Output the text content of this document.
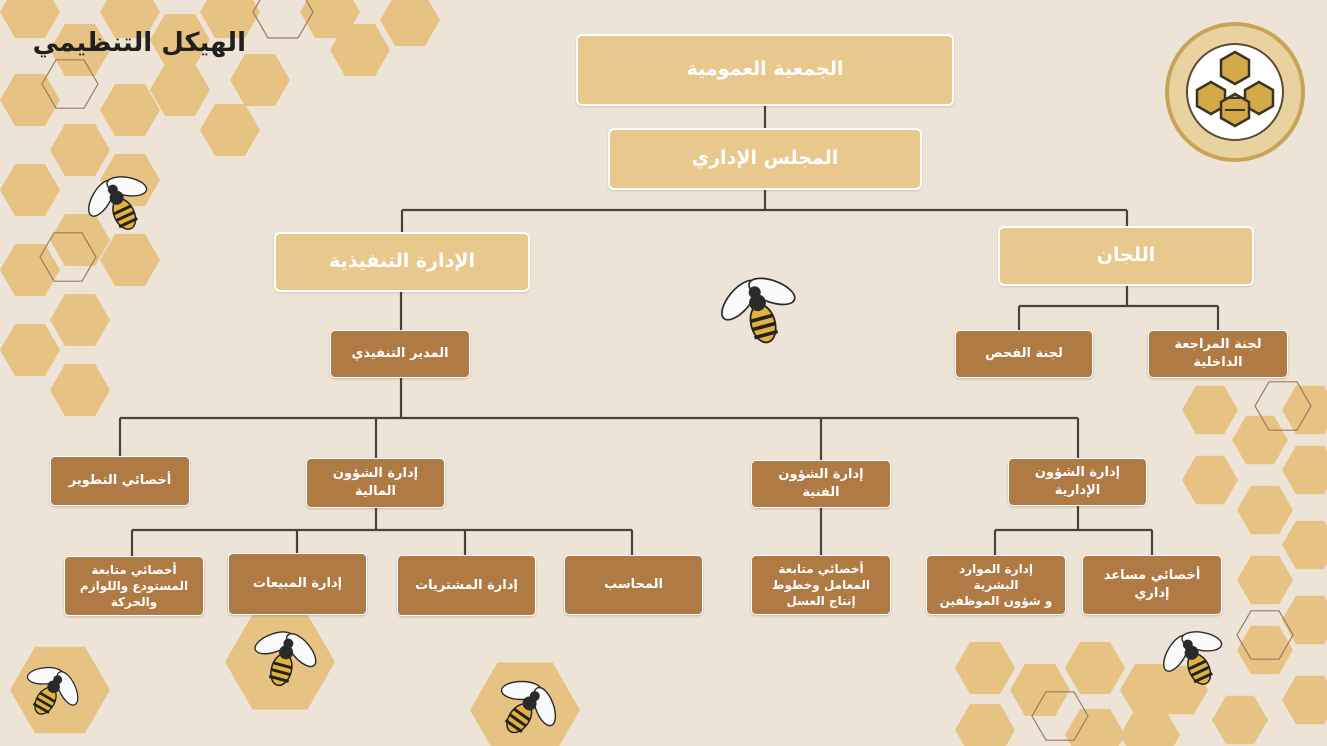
الهيكل التنظيمي
الجمعية العمومية
المجلس الإداري
الإدارة التنفيذية	اللجان
المدير التنفيذي	لجنة الفحص
لجنة المراجعة
الداخلية
أخصائي التطوير	إدارة الشؤون
المالية
إدارة الشؤون
الفنية
إدارة الشؤون
الإدارية
أخصائي متابعة
المستودع واللوازم
والحركة
إدارة المبيعات	إدارة المشتريات	المحاسب
أخصائي متابعة
المعامل وخطوط
إنتاج العسل
إدارة الموارد البشرية
و شؤون الموظفين
أخصائي مساعد
إداري
